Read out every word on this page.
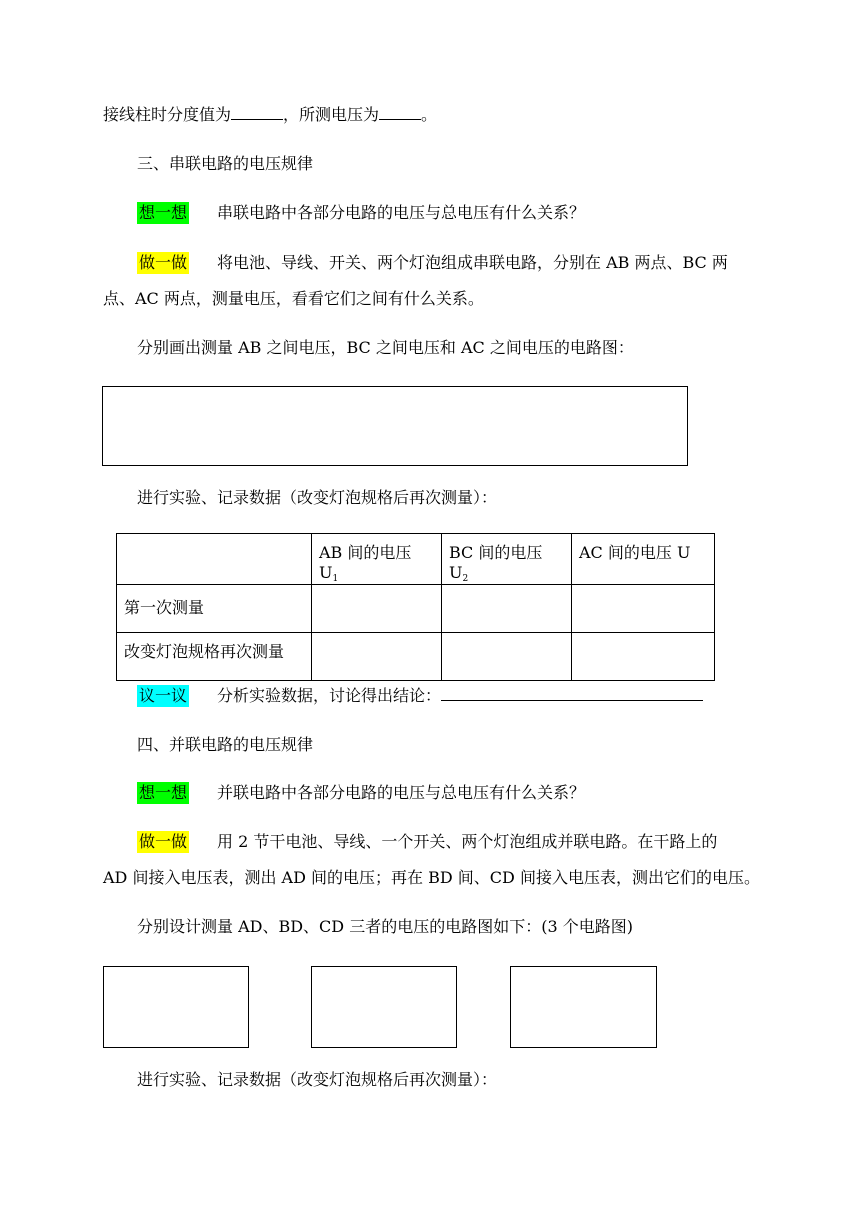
接线柱时分度值为	，所测电压为	。
三、串联电路的电压规律
想一想 串联电路中各部分电路的电压与总电压有什么关系？
做一做 将电池、导线、开关、两个灯泡组成串联电路，分别在 AB 两点、BC 两
点、AC 两点，测量电压，看看它们之间有什么关系。
分别画出测量 AB 之间电压，BC 之间电压和 AC 之间电压的电路图：
进行实验、记录数据（改变灯泡规格后再次测量）：
	AB 间的电压 $U_1$	BC 间的电压 $U_2$	AC 间的电压 U
第一次测量			
改变灯泡规格再次测量			
议一议 分析实验数据，讨论得出结论：
四、并联电路的电压规律
想一想 并联电路中各部分电路的电压与总电压有什么关系？
做一做 用 2 节干电池、导线、一个开关、两个灯泡组成并联电路。在干路上的
AD 间接入电压表，测出 AD 间的电压；再在 BD 间、CD 间接入电压表，测出它们的电压。
分别设计测量 AD、BD、CD 三者的电压的电路图如下：(3 个电路图)
进行实验、记录数据（改变灯泡规格后再次测量）：
